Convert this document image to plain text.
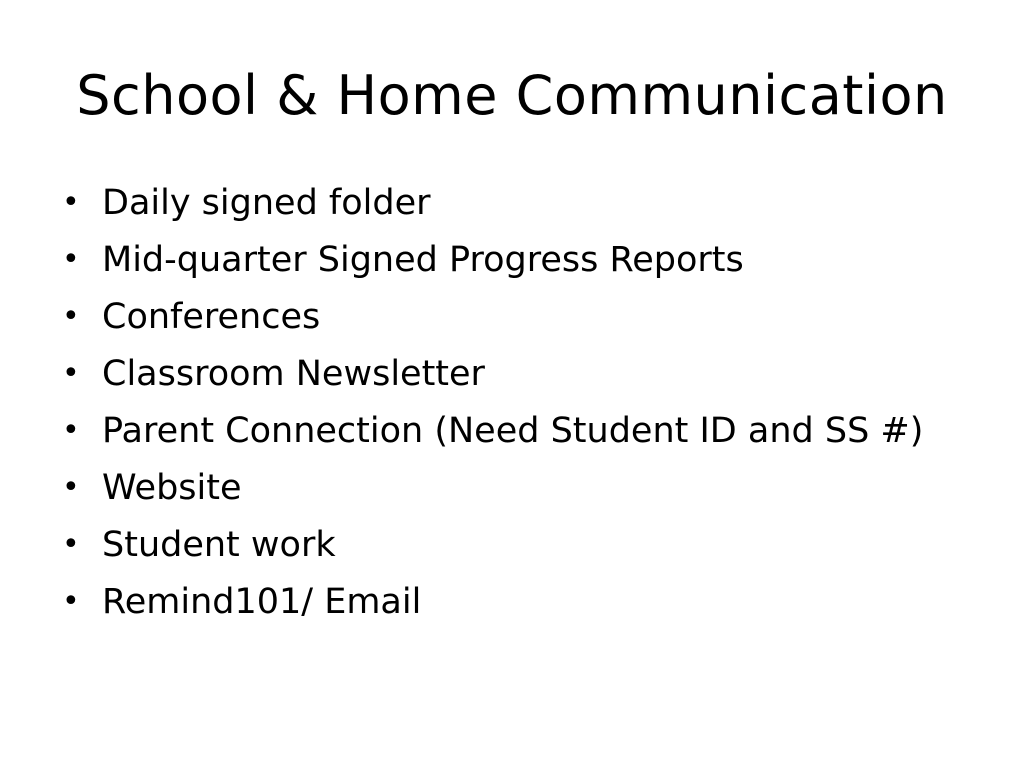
School & Home Communication
• Daily signed folder
• Mid-quarter Signed Progress Reports
• Conferences
• Classroom Newsletter
• Parent Connection (Need Student ID and SS #)
• Website
• Student work
• Remind101/ Email
